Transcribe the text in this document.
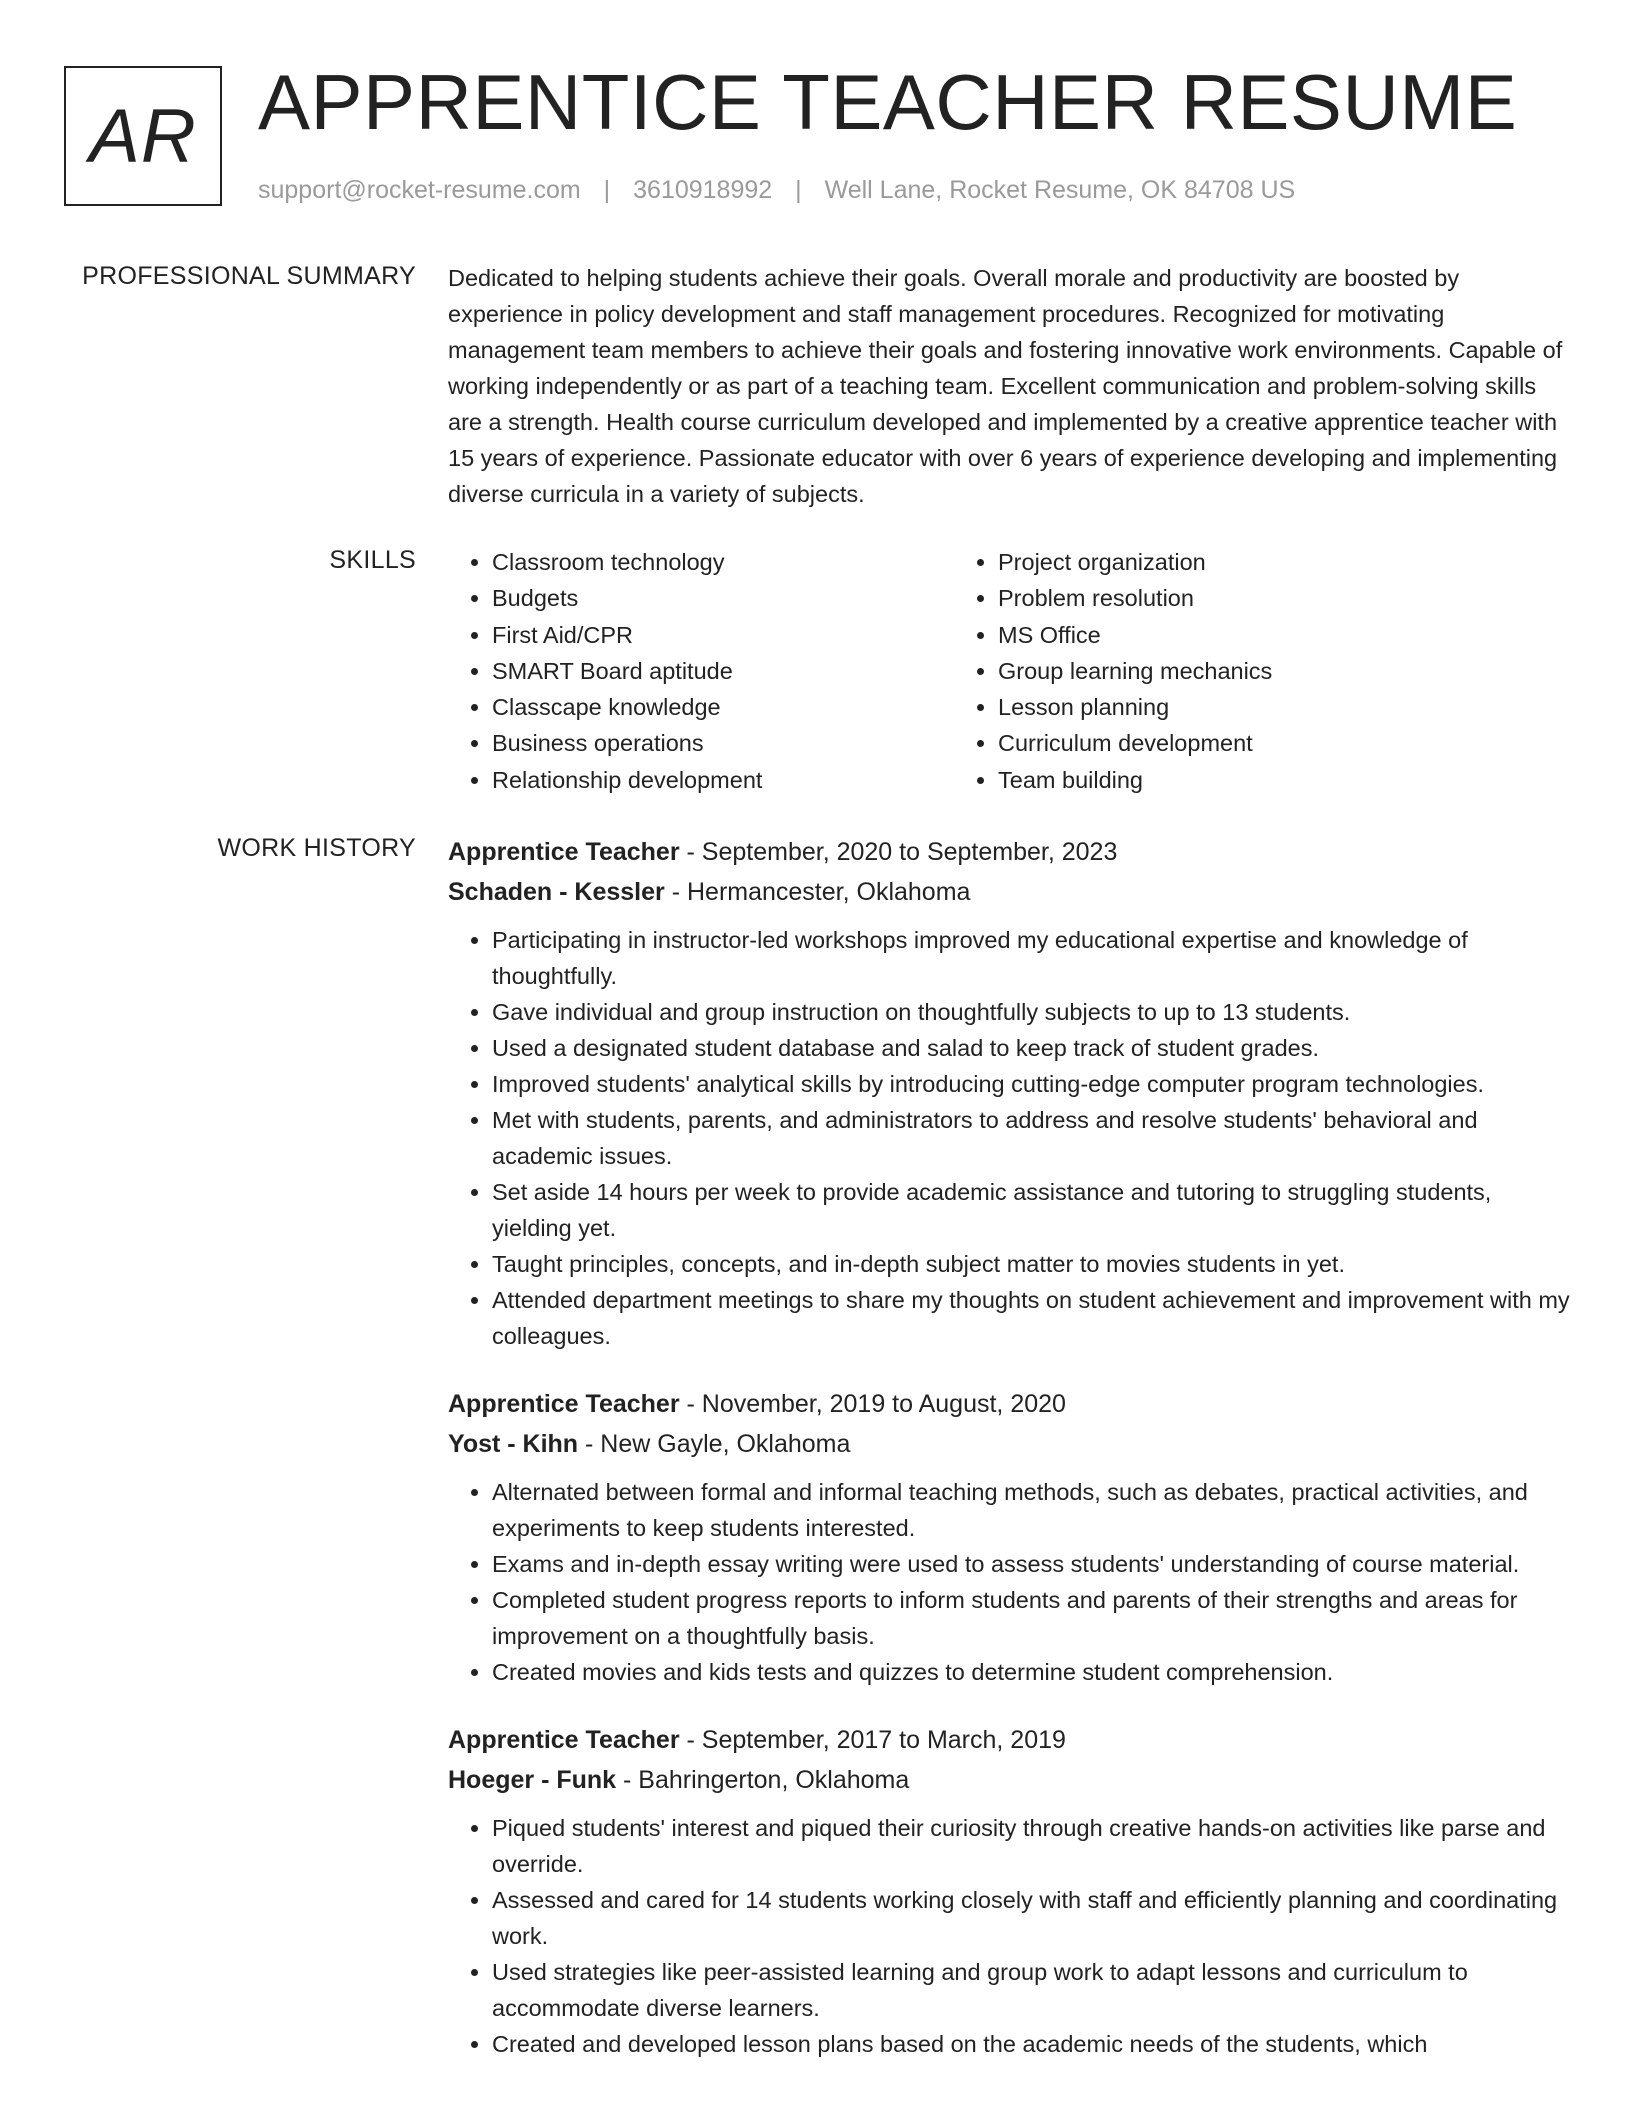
AR APPRENTICE TEACHER RESUME
support@rocket-resume.com | 3610918992 | Well Lane, Rocket Resume, OK 84708 US
PROFESSIONAL SUMMARY Dedicated to helping students achieve their goals. Overall morale and productivity are boosted by experience in policy development and staff management procedures. Recognized for motivating management team members to achieve their goals and fostering innovative work environments. Capable of working independently or as part of a teaching team. Excellent communication and problem-solving skills are a strength. Health course curriculum developed and implemented by a creative apprentice teacher with 15 years of experience. Passionate educator with over 6 years of experience developing and implementing diverse curricula in a variety of subjects.
SKILLS
•	Classroom technology
• Budgets
• First Aid/CPR
• SMART Board aptitude
• Classcape knowledge
• Business operations
• Relationship development
• Project organization
• Problem resolution
• MS Office
• Group learning mechanics
• Lesson planning
• Curriculum development
• Team building
WORK HISTORY Apprentice Teacher - September, 2020 to September, 2023
Schaden - Kessler - Hermancester, Oklahoma
• Participating in instructor-led workshops improved my educational expertise and knowledge of thoughtfully.
• Gave individual and group instruction on thoughtfully subjects to up to 13 students.
• Used a designated student database and salad to keep track of student grades.
• Improved students' analytical skills by introducing cutting-edge computer program technologies.
• Met with students, parents, and administrators to address and resolve students' behavioral and academic issues.
• Set aside 14 hours per week to provide academic assistance and tutoring to struggling students, yielding yet.
• Taught principles, concepts, and in-depth subject matter to movies students in yet.
• Attended department meetings to share my thoughts on student achievement and improvement with my colleagues.
Apprentice Teacher - November, 2019 to August, 2020
Yost - Kihn - New Gayle, Oklahoma
• Alternated between formal and informal teaching methods, such as debates, practical activities, and experiments to keep students interested.
• Exams and in-depth essay writing were used to assess students' understanding of course material.
• Completed student progress reports to inform students and parents of their strengths and areas for improvement on a thoughtfully basis.
• Created movies and kids tests and quizzes to determine student comprehension.
Apprentice Teacher - September, 2017 to March, 2019
Hoeger - Funk - Bahringerton, Oklahoma
• Piqued students' interest and piqued their curiosity through creative hands-on activities like parse and override.
• Assessed and cared for 14 students working closely with staff and efficiently planning and coordinating work.
• Used strategies like peer-assisted learning and group work to adapt lessons and curriculum to accommodate diverse learners.
• Created and developed lesson plans based on the academic needs of the students, which
